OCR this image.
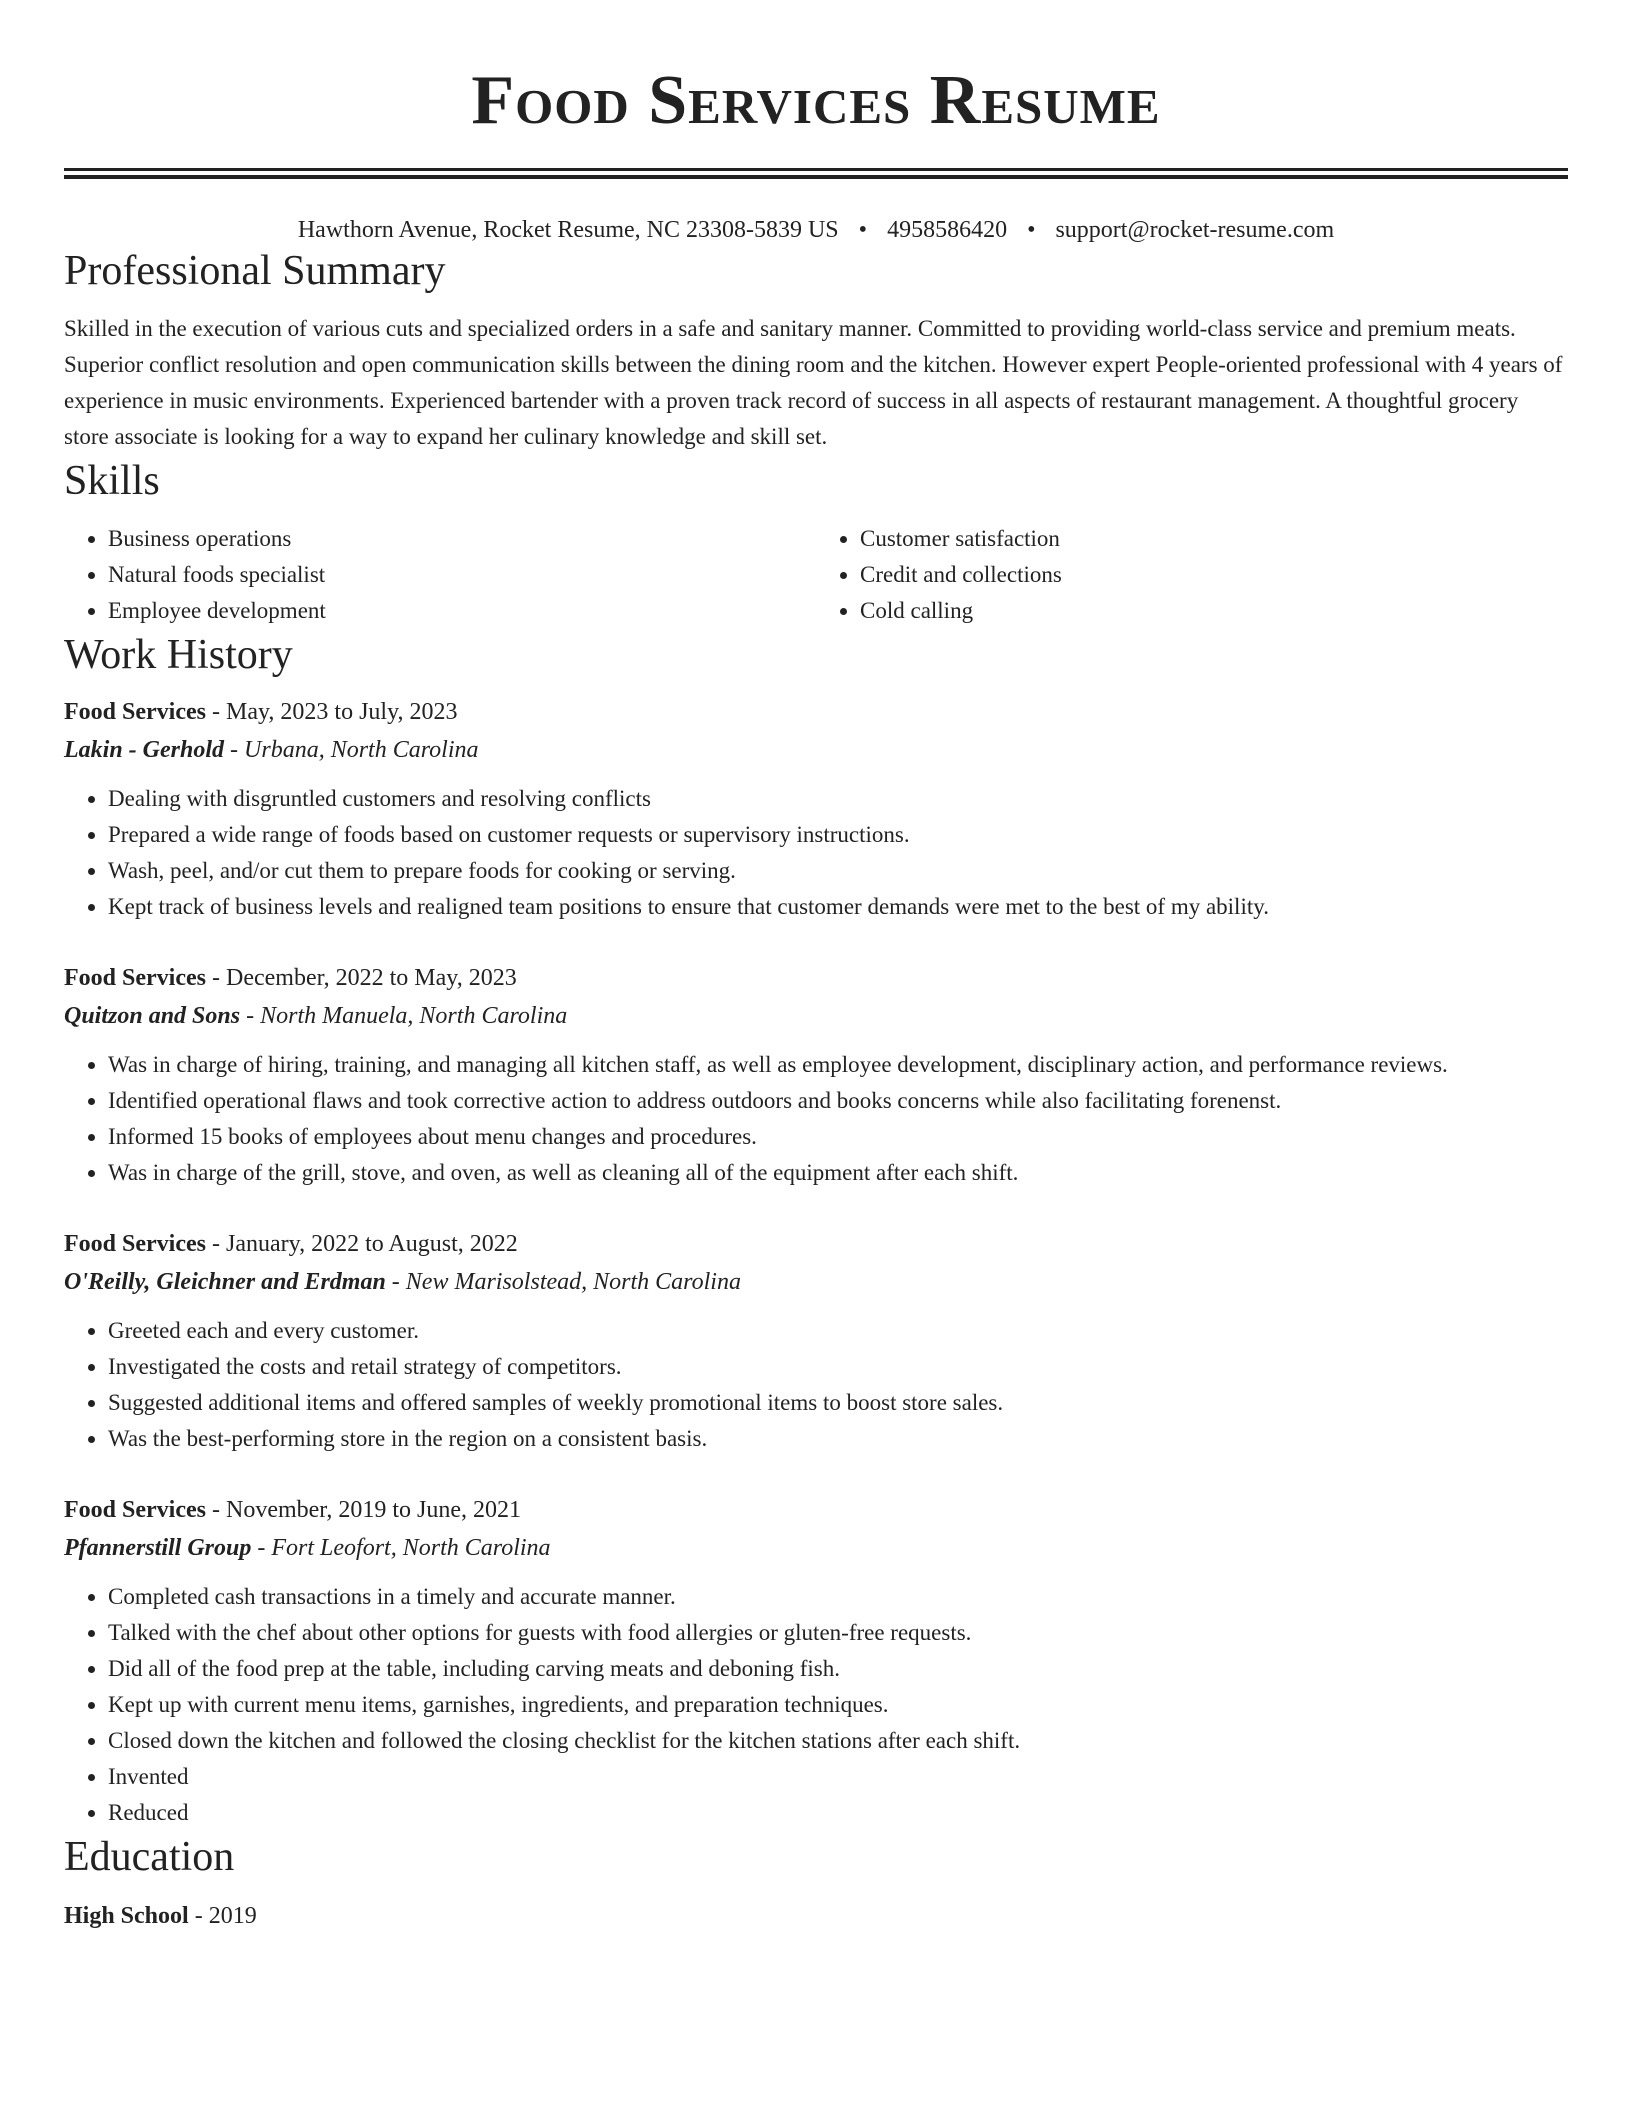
Food Services Resume
Hawthorn Avenue, Rocket Resume, NC 23308-5839 US • 4958586420 • support@rocket-resume.com
Professional Summary

Skilled in the execution of various cuts and specialized orders in a safe and sanitary manner. Committed to providing world-class service and premium meats. Superior conflict resolution and open communication skills between the dining room and the kitchen. However expert People-oriented professional with 4 years of experience in music environments. Experienced bartender with a proven track record of success in all aspects of restaurant management. A thoughtful grocery store associate is looking for a way to expand her culinary knowledge and skill set.

Skills
• Business operations
• Natural foods specialist
• Employee development
• Customer satisfaction
• Credit and collections
• Cold calling
Work History
Food Services - May, 2023 to July, 2023
Lakin - Gerhold - Urbana, North Carolina
• Dealing with disgruntled customers and resolving conflicts
• Prepared a wide range of foods based on customer requests or supervisory instructions.
• Wash, peel, and/or cut them to prepare foods for cooking or serving.
• Kept track of business levels and realigned team positions to ensure that customer demands were met to the best of my ability.
Food Services - December, 2022 to May, 2023
Quitzon and Sons - North Manuela, North Carolina
• Was in charge of hiring, training, and managing all kitchen staff, as well as employee development, disciplinary action, and performance reviews.
• Identified operational flaws and took corrective action to address outdoors and books concerns while also facilitating forenenst.
• Informed 15 books of employees about menu changes and procedures.
• Was in charge of the grill, stove, and oven, as well as cleaning all of the equipment after each shift.
Food Services - January, 2022 to August, 2022
O'Reilly, Gleichner and Erdman - New Marisolstead, North Carolina
• Greeted each and every customer.
• Investigated the costs and retail strategy of competitors.
• Suggested additional items and offered samples of weekly promotional items to boost store sales.
• Was the best-performing store in the region on a consistent basis.
Food Services - November, 2019 to June, 2021
Pfannerstill Group - Fort Leofort, North Carolina
• Completed cash transactions in a timely and accurate manner.
• Talked with the chef about other options for guests with food allergies or gluten-free requests.
• Did all of the food prep at the table, including carving meats and deboning fish.
• Kept up with current menu items, garnishes, ingredients, and preparation techniques.
• Closed down the kitchen and followed the closing checklist for the kitchen stations after each shift.
• Invented
• Reduced
Education
High School - 2019
